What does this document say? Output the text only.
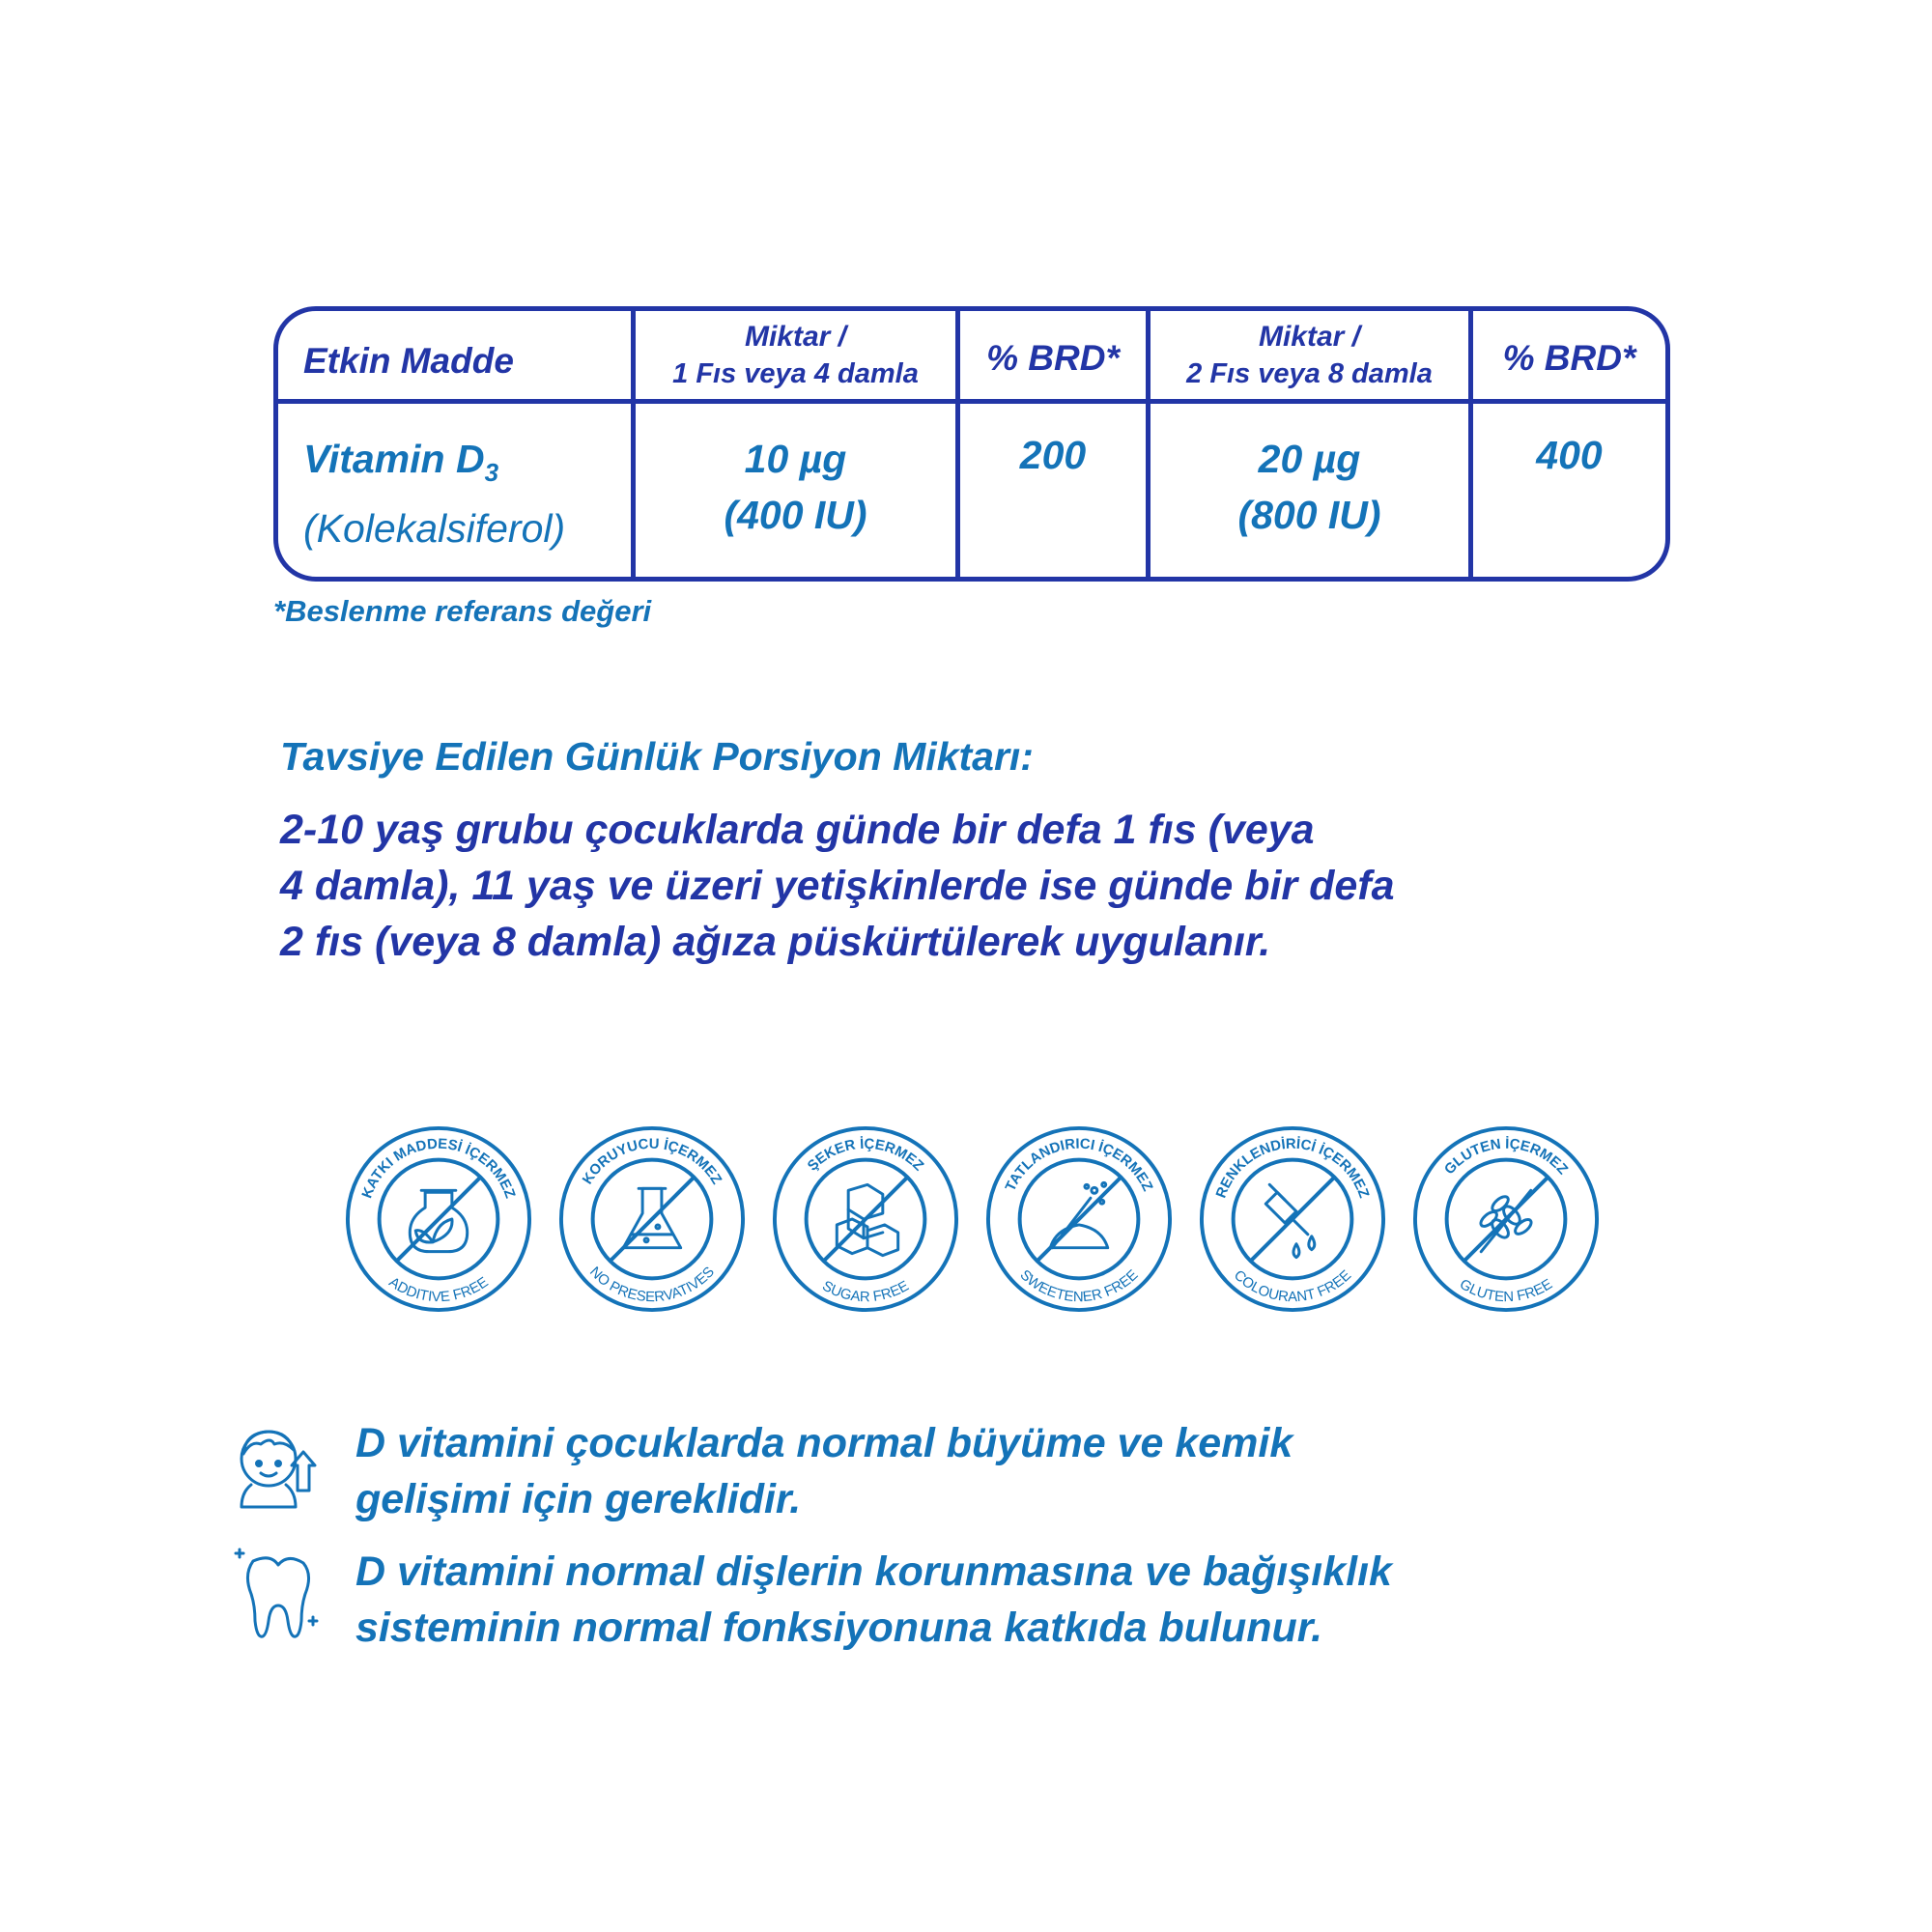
Etkin Madde
Miktar /
1 Fıs veya 4 damla % BRD*
Miktar /
2 Fıs veya 8 damla % BRD*
Vitamin $D_3$
(Kolekalsiferol)
10 µg
(400 IU)
200	20 µg
(800 IU)
400
*Beslenme referans değeri
Tavsiye Edilen Günlük Porsiyon Miktarı:
2-10 yaş grubu çocuklarda günde bir defa 1 fıs (veya
4 damla), 11 yaş ve üzeri yetişkinlerde ise günde bir defa
2 fıs (veya 8 damla) ağıza püskürtülerek uygulanır.
KATKI MADDESİ İÇERMEZ
ADDITIVE FREE
KORUYUCU İÇERMEZ
NO PRESERVATIVES
ŞEKER İÇERMEZ
SUGAR FREE
TATLANDIRICI İÇERMEZ
SWEETENER FREE
RENKLENDİRİCİ İÇERMEZ
COLOURANT FREE
GLUTEN İÇERMEZ
GLUTEN FREE
D vitamini çocuklarda normal büyüme ve kemik
gelişimi için gereklidir.
D vitamini normal dişlerin korunmasına ve bağışıklık
sisteminin normal fonksiyonuna katkıda bulunur.
